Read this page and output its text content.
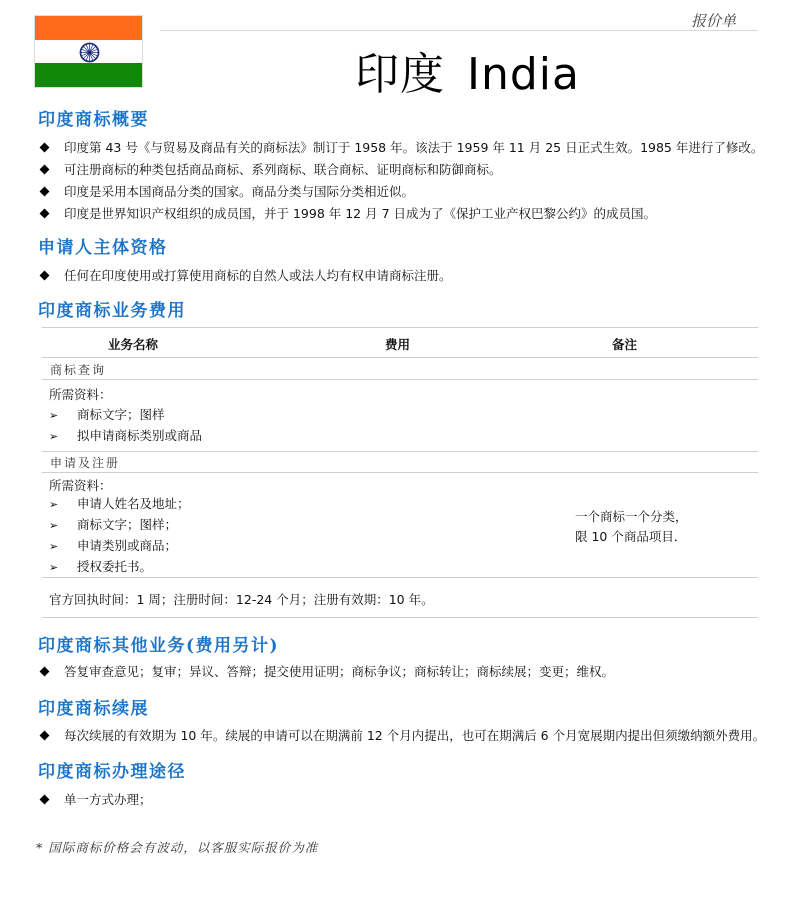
报价单
印度 India
印度商标概要
印度第 43 号《与贸易及商品有关的商标法》制订于 1958 年。该法于 1959 年 11 月 25 日正式生效。1985 年进行了修改。
可注册商标的种类包括商品商标、系列商标、联合商标、证明商标和防御商标。
印度是采用本国商品分类的国家。商品分类与国际分类相近似。
印度是世界知识产权组织的成员国，并于 1998 年 12 月 7 日成为了《保护工业产权巴黎公约》的成员国。
申请人主体资格
任何在印度使用或打算使用商标的自然人或法人均有权申请商标注册。
印度商标业务费用
业务名称	费用	备注
商标查询
所需资料：
➢ 商标文字；图样
➢ 拟申请商标类别或商品
申请及注册
所需资料：
➢ 申请人姓名及地址；
➢ 商标文字；图样；
➢ 申请类别或商品；
➢ 授权委托书。
一个商标一个分类，
限 10 个商品项目．
官方回执时间：1 周；注册时间：12-24 个月；注册有效期：10 年。
印度商标其他业务(费用另计)
答复审查意见；复审；异议、答辩；提交使用证明；商标争议；商标转让；商标续展；变更；维权。
印度商标续展
每次续展的有效期为 10 年。续展的申请可以在期满前 12 个月内提出，也可在期满后 6 个月宽展期内提出但须缴纳额外费用。
印度商标办理途径
单一方式办理；
* 国际商标价格会有波动，以客服实际报价为准
